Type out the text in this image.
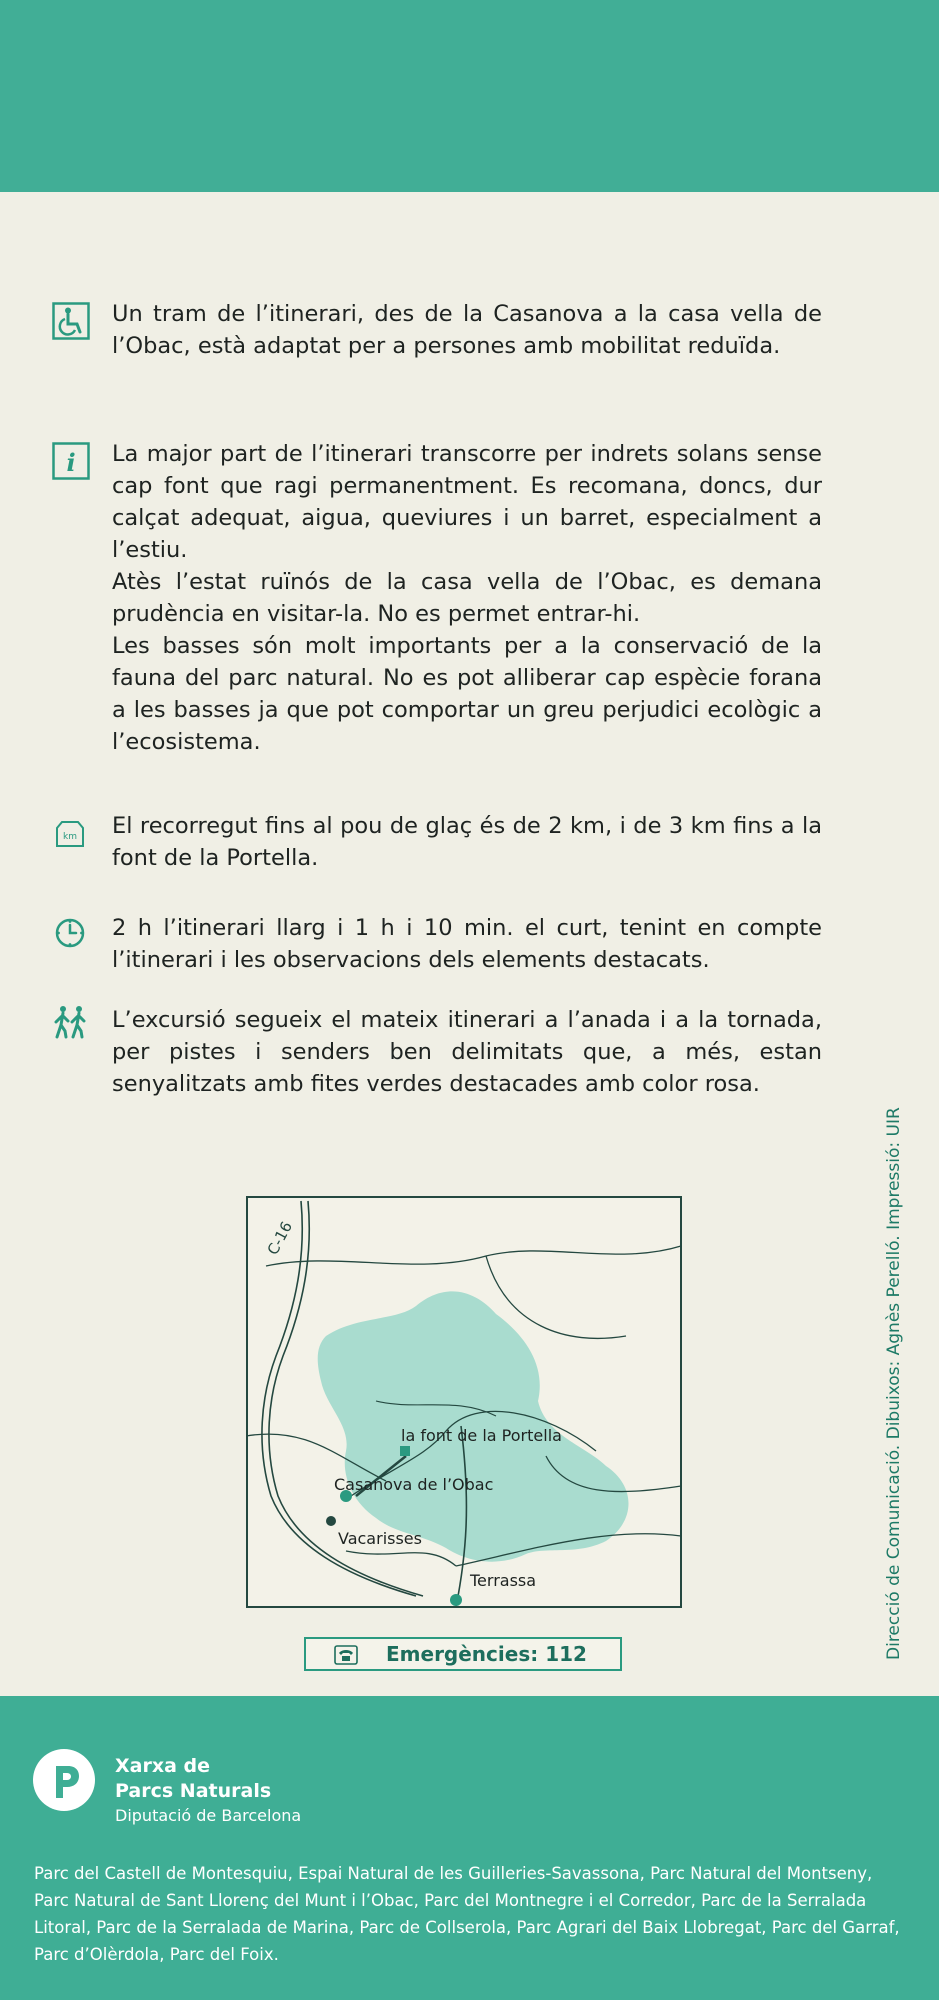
Un tram de l’itinerari, des de la Casanova a la casa vella de l’Obac, està adaptat per a persones amb mobilitat reduïda.
i La major part de l’itinerari transcorre per indrets solans sense cap font que ragi permanentment. Es recomana, doncs, dur calçat adequat, aigua, queviures i un barret, especialment a l’estiu.

Atès l’estat ruïnós de la casa vella de l’Obac, es demana prudència en visitar-la. No es permet entrar-hi.

Les basses són molt importants per a la conservació de la fauna del parc natural. No es pot alliberar cap espècie forana a les basses ja que pot comportar un greu perjudici ecològic a l’ecosistema.

km El recorregut fins al pou de glaç és de 2 km, i de 3 km fins a la font de la Portella.
2 h l’itinerari llarg i 1 h i 10 min. el curt, tenint en compte l’itinerari i les observacions dels elements destacats.
L’excursió segueix el mateix itinerari a l’anada i a la tornada, per pistes i senders ben delimitats que, a més, estan senyalitzats amb fites verdes destacades amb color rosa.
C-16
la font de la Portella
Casanova de l’Obac
Vacarisses
Terrassa
Emergències: 112	Direcció de Comunicació. Dibuixos: Agnès Perelló. Impressió: UIR
Xarxa de
Parcs Naturals
Diputació de Barcelona
Parc del Castell de Montesquiu, Espai Natural de les Guilleries-Savassona, Parc Natural del Montseny, Parc Natural de Sant Llorenç del Munt i l’Obac, Parc del Montnegre i el Corredor, Parc de la Serralada Litoral, Parc de la Serralada de Marina, Parc de Collserola, Parc Agrari del Baix Llobregat, Parc del Garraf, Parc d’Olèrdola, Parc del Foix.
